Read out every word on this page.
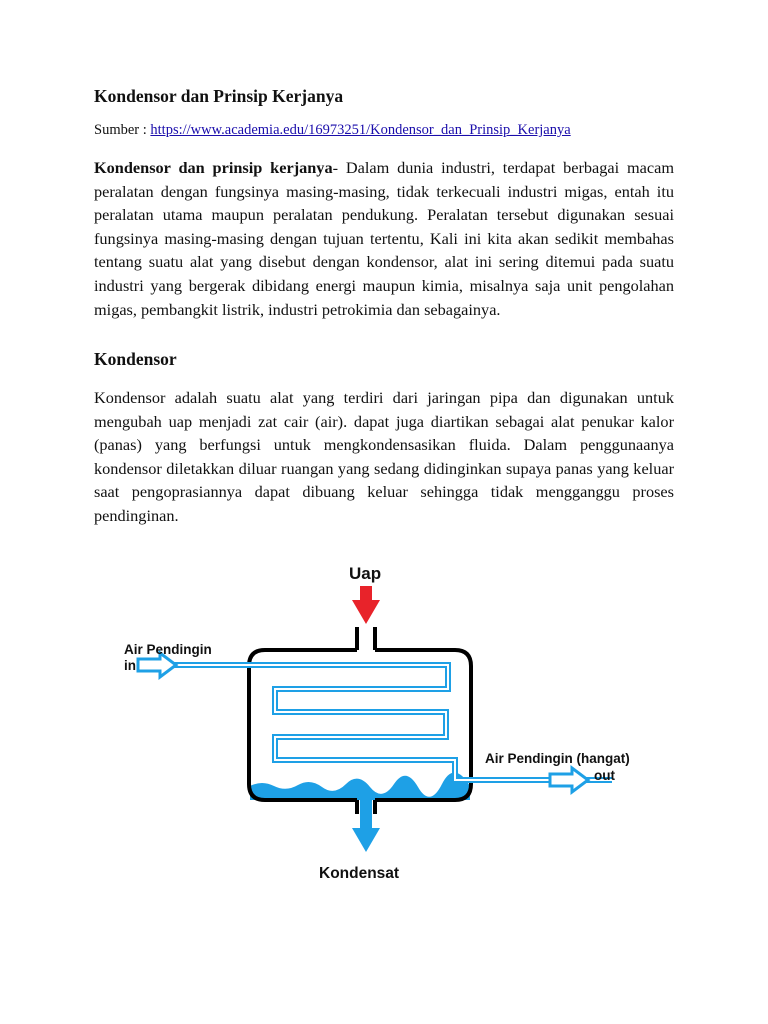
Kondensor dan Prinsip Kerjanya

Sumber : https://www.academia.edu/16973251/Kondensor_dan_Prinsip_Kerjanya

Kondensor dan prinsip kerjanya- Dalam dunia industri, terdapat berbagai macam peralatan dengan fungsinya masing-masing, tidak terkecuali industri migas, entah itu peralatan utama maupun peralatan pendukung. Peralatan tersebut digunakan sesuai fungsinya masing-masing dengan tujuan tertentu, Kali ini kita akan sedikit membahas tentang suatu alat yang disebut dengan kondensor, alat ini sering ditemui pada suatu industri yang bergerak dibidang energi maupun kimia, misalnya saja unit pengolahan migas, pembangkit listrik, industri petrokimia dan sebagainya.

Kondensor

Kondensor adalah suatu alat yang terdiri dari jaringan pipa dan digunakan untuk mengubah uap menjadi zat cair (air). dapat juga diartikan sebagai alat penukar kalor (panas) yang berfungsi untuk mengkondensasikan fluida. Dalam penggunaanya kondensor diletakkan diluar ruangan yang sedang didinginkan supaya panas yang keluar saat pengoprasiannya dapat dibuang keluar sehingga tidak mengganggu proses pendinginan.

Uap
Air Pendingin
in
Air Pendingin (hangat)
out
Kondensat
